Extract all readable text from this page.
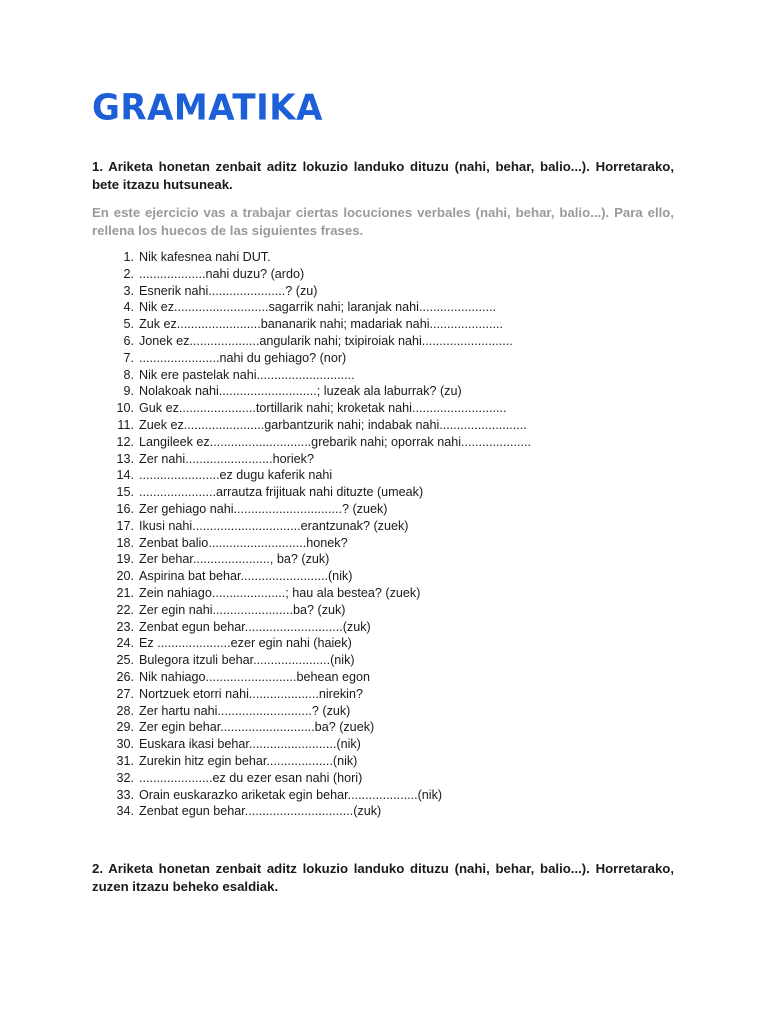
GRAMATIKA

1. Ariketa honetan zenbait aditz lokuzio landuko dituzu (nahi, behar, balio...). Horretarako, bete itzazu hutsuneak.

En este ejercicio vas a trabajar ciertas locuciones verbales (nahi, behar, balio...). Para ello, rellena los huecos de las siguientes frases.

1. Nik kafesnea nahi DUT.
2. ...................nahi duzu? (ardo)
3. Esnerik nahi......................? (zu)
4. Nik ez...........................sagarrik nahi; laranjak nahi......................
5. Zuk ez........................bananarik nahi; madariak nahi.....................
6. Jonek ez....................angularik nahi; txipiroiak nahi..........................
7. .......................nahi du gehiago? (nor)
8. Nik ere pastelak nahi............................
9. Nolakoak nahi............................; luzeak ala laburrak? (zu)
10. Guk ez......................tortillarik nahi; kroketak nahi...........................
11. Zuek ez.......................garbantzurik nahi; indabak nahi.........................
12. Langileek ez.............................grebarik nahi; oporrak nahi....................
13. Zer nahi.........................horiek?
14. .......................ez dugu kaferik nahi
15. ......................arrautza frijituak nahi dituzte (umeak)
16. Zer gehiago nahi...............................? (zuek)
17. Ikusi nahi...............................erantzunak? (zuek)
18. Zenbat balio............................honek?
19. Zer behar......................, ba? (zuk)
20. Aspirina bat behar.........................(nik)
21. Zein nahiago.....................; hau ala bestea? (zuek)
22. Zer egin nahi.......................ba? (zuk)
23. Zenbat egun behar............................(zuk)
24. Ez .....................ezer egin nahi (haiek)
25. Bulegora itzuli behar......................(nik)
26. Nik nahiago..........................behean egon
27. Nortzuek etorri nahi....................nirekin?
28. Zer hartu nahi...........................? (zuk)
29. Zer egin behar...........................ba? (zuek)
30. Euskara ikasi behar.........................(nik)
31. Zurekin hitz egin behar...................(nik)
32. .....................ez du ezer esan nahi (hori)
33. Orain euskarazko ariketak egin behar....................(nik)
34. Zenbat egun behar...............................(zuk)

2. Ariketa honetan zenbait aditz lokuzio landuko dituzu (nahi, behar, balio...). Horretarako, zuzen itzazu beheko esaldiak.
